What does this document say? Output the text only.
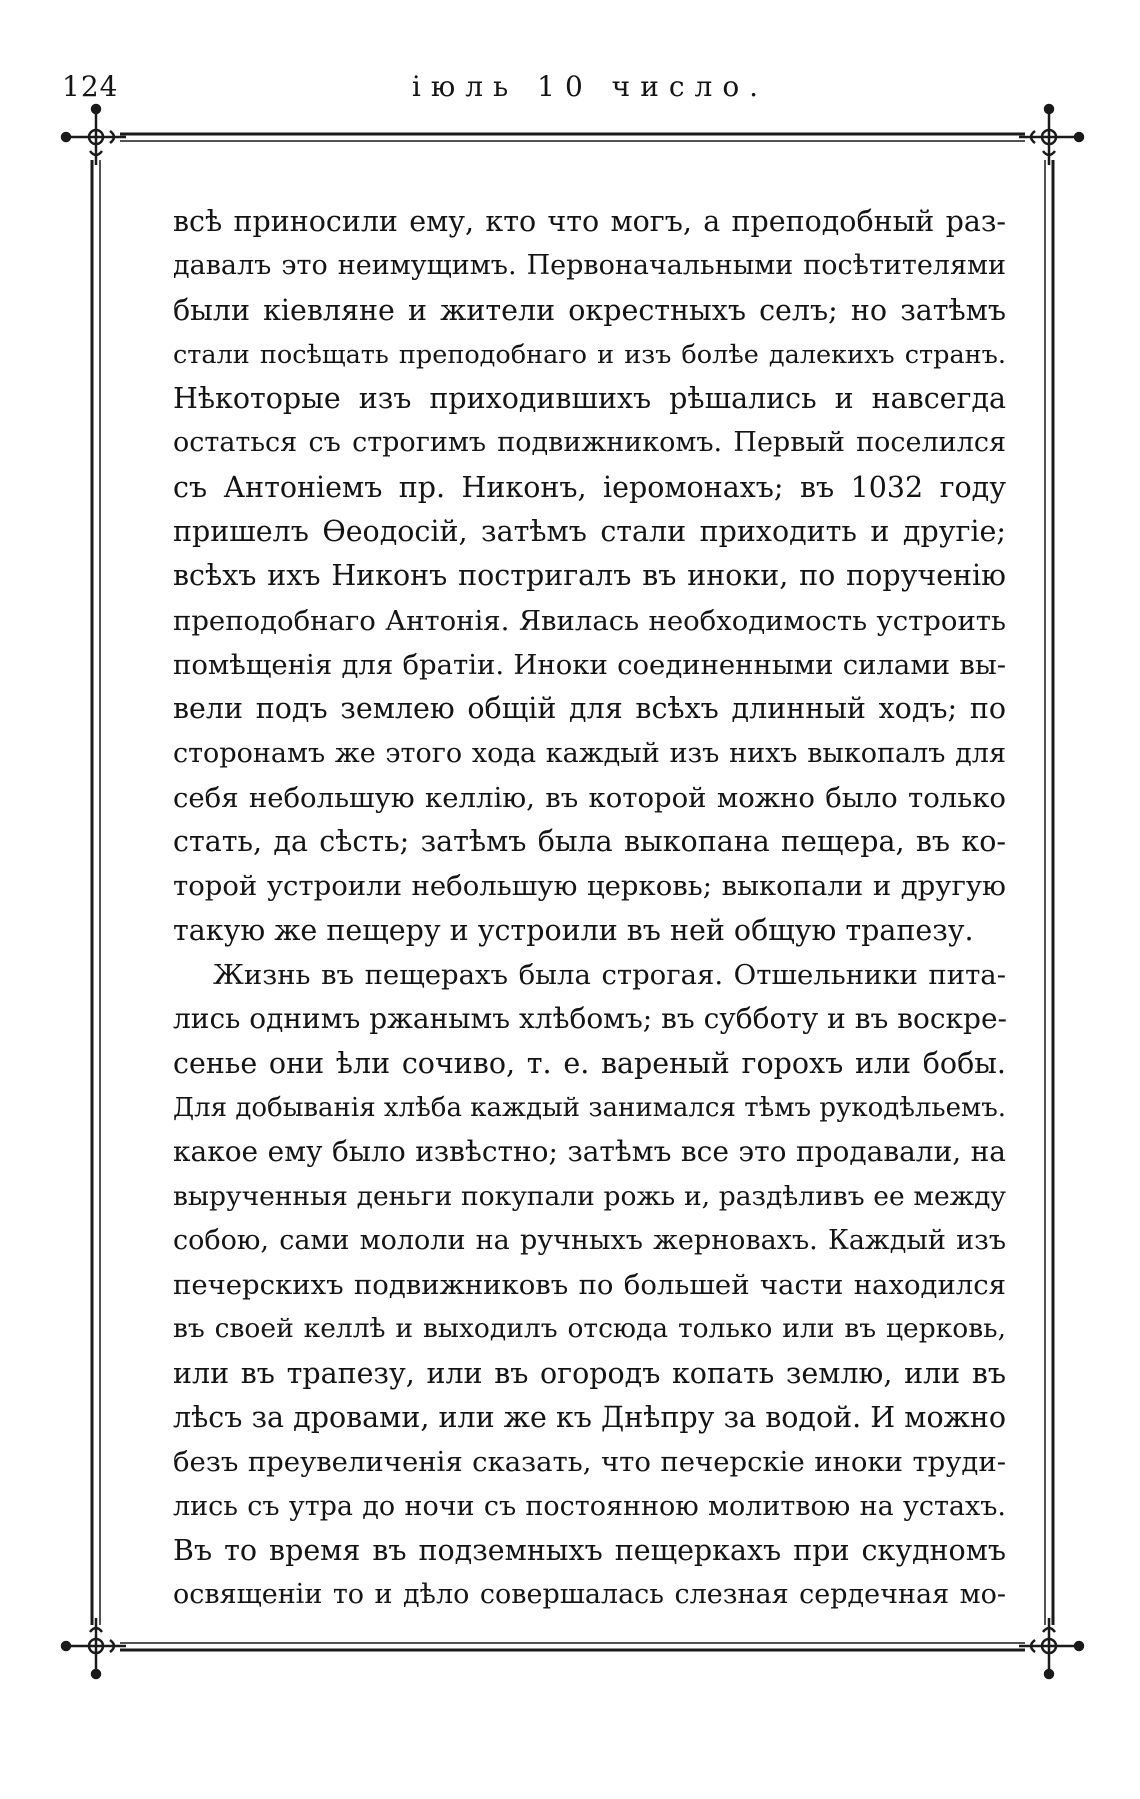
124	іюль 10 число.
всѣ приносили ему, кто что могъ, а преподобный раз-
давалъ это неимущимъ. Первоначальными посѣтителями
были кіевляне и жители окрестныхъ селъ; но затѣмъ
стали посѣщать преподобнаго и изъ болѣе далекихъ странъ.
Нѣкоторые изъ приходившихъ рѣшались и навсегда
остаться съ строгимъ подвижникомъ. Первый поселился
съ Антоніемъ пр. Никонъ, іеромонахъ; въ 1032 году
пришелъ Ѳеодосій, затѣмъ стали приходить и другіе;
всѣхъ ихъ Никонъ постригалъ въ иноки, по порученію
преподобнаго Антонія. Явилась необходимость устроить
помѣщенія для братіи. Иноки соединенными силами вы-
вели подъ землею общій для всѣхъ длинный ходъ; по
сторонамъ же этого хода каждый изъ нихъ выкопалъ для
себя небольшую келлію, въ которой можно было только
стать, да сѣсть; затѣмъ была выкопана пещера, въ ко-
торой устроили небольшую церковь; выкопали и другую
такую же пещеру и устроили въ ней общую трапезу.
Жизнь въ пещерахъ была строгая. Отшельники пита-
лись однимъ ржанымъ хлѣбомъ; въ субботу и въ воскре-
сенье они ѣли сочиво, т. е. вареный горохъ или бобы.
Для добыванія хлѣба каждый занимался тѣмъ рукодѣльемъ.
какое ему было извѣстно; затѣмъ все это продавали, на
вырученныя деньги покупали рожь и, раздѣливъ ее между
собою, сами мололи на ручныхъ жерновахъ. Каждый изъ
печерскихъ подвижниковъ по большей части находился
въ своей келлѣ и выходилъ отсюда только или въ церковь,
или въ трапезу, или въ огородъ копать землю, или въ
лѣсъ за дровами, или же къ Днѣпру за водой. И можно
безъ преувеличенія сказать, что печерскіе иноки труди-
лись съ утра до ночи съ постоянною молитвою на устахъ.
Въ то время въ подземныхъ пещеркахъ при скудномъ
освященіи то и дѣло совершалась слезная сердечная мо-
